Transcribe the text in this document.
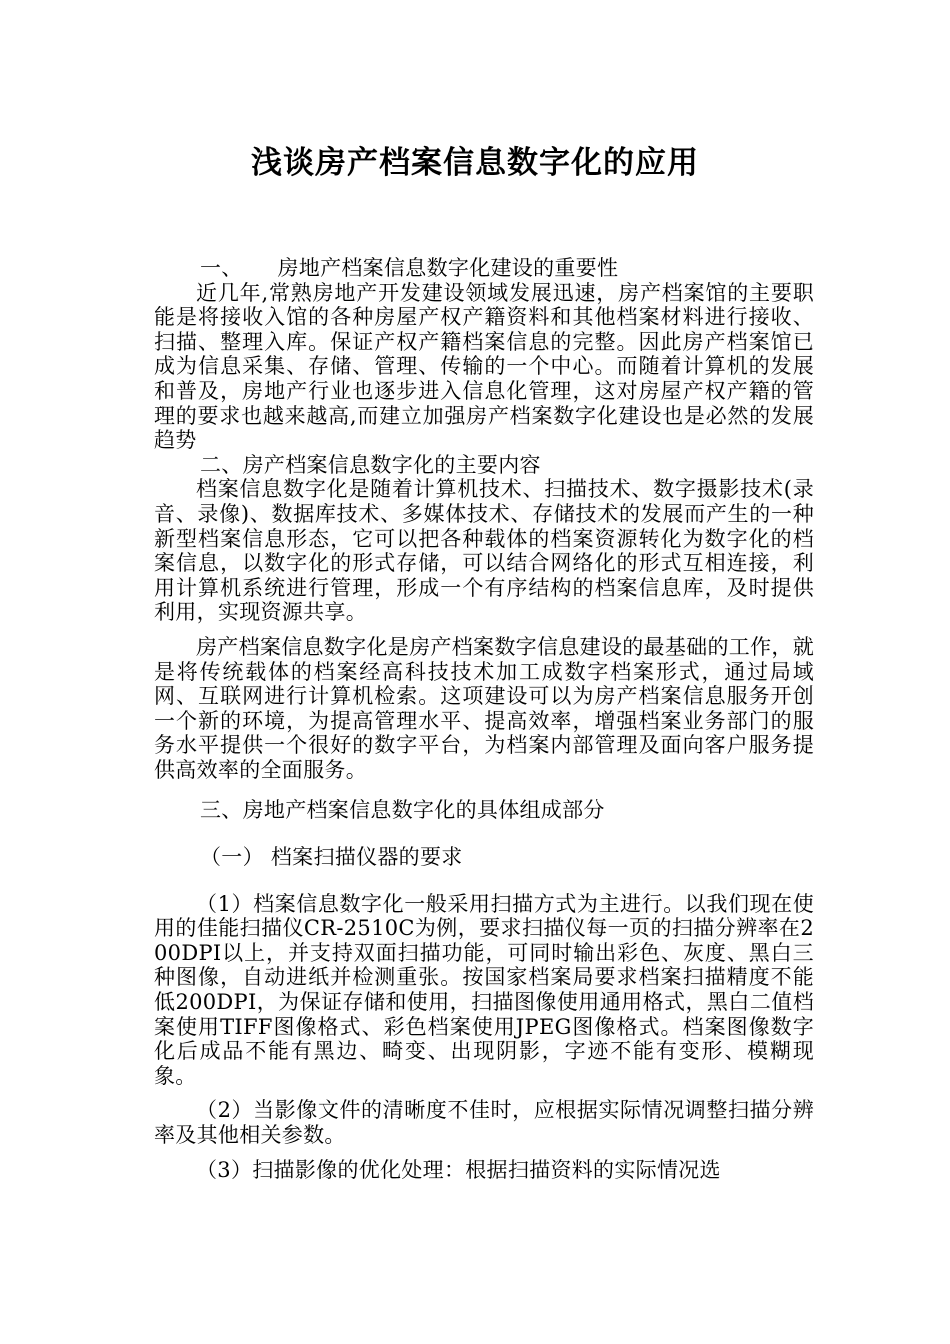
浅谈房产档案信息数字化的应用
一、     房地产档案信息数字化建设的重要性

近几年,常熟房地产开发建设领域发展迅速，房产档案馆的主要职能是将接收入馆的各种房屋产权产籍资料和其他档案材料进行接收、扫描、整理入库。保证产权产籍档案信息的完整。因此房产档案馆已成为信息采集、存储、管理、传输的一个中心。而随着计算机的发展和普及，房地产行业也逐步进入信息化管理，这对房屋产权产籍的管理的要求也越来越高,而建立加强房产档案数字化建设也是必然的发展趋势

二、房产档案信息数字化的主要内容

档案信息数字化是随着计算机技术、扫描技术、数字摄影技术(录音、录像)、数据库技术、多媒体技术、存储技术的发展而产生的一种新型档案信息形态，它可以把各种载体的档案资源转化为数字化的档案信息，以数字化的形式存储，可以结合网络化的形式互相连接，利用计算机系统进行管理，形成一个有序结构的档案信息库，及时提供利用，实现资源共享。

房产档案信息数字化是房产档案数字信息建设的最基础的工作，就是将传统载体的档案经高科技技术加工成数字档案形式，通过局域网、互联网进行计算机检索。这项建设可以为房产档案信息服务开创一个新的环境，为提高管理水平、提高效率，增强档案业务部门的服务水平提供一个很好的数字平台，为档案内部管理及面向客户服务提供高效率的全面服务。

三、房地产档案信息数字化的具体组成部分
（一） 档案扫描仪器的要求

（1）档案信息数字化一般采用扫描方式为主进行。以我们现在使用的佳能扫描仪CR-2510C为例，要求扫描仪每一页的扫描分辨率在200DPI以上，并支持双面扫描功能，可同时输出彩色、灰度、黑白三种图像，自动进纸并检测重张。按国家档案局要求档案扫描精度不能低200DPI，为保证存储和使用，扫描图像使用通用格式，黑白二值档案使用TIFF图像格式、彩色档案使用JPEG图像格式。档案图像数字化后成品不能有黑边、畸变、出现阴影，字迹不能有变形、模糊现象。

（2）当影像文件的清晰度不佳时，应根据实际情况调整扫描分辨率及其他相关参数。

（3）扫描影像的优化处理：根据扫描资料的实际情况选
